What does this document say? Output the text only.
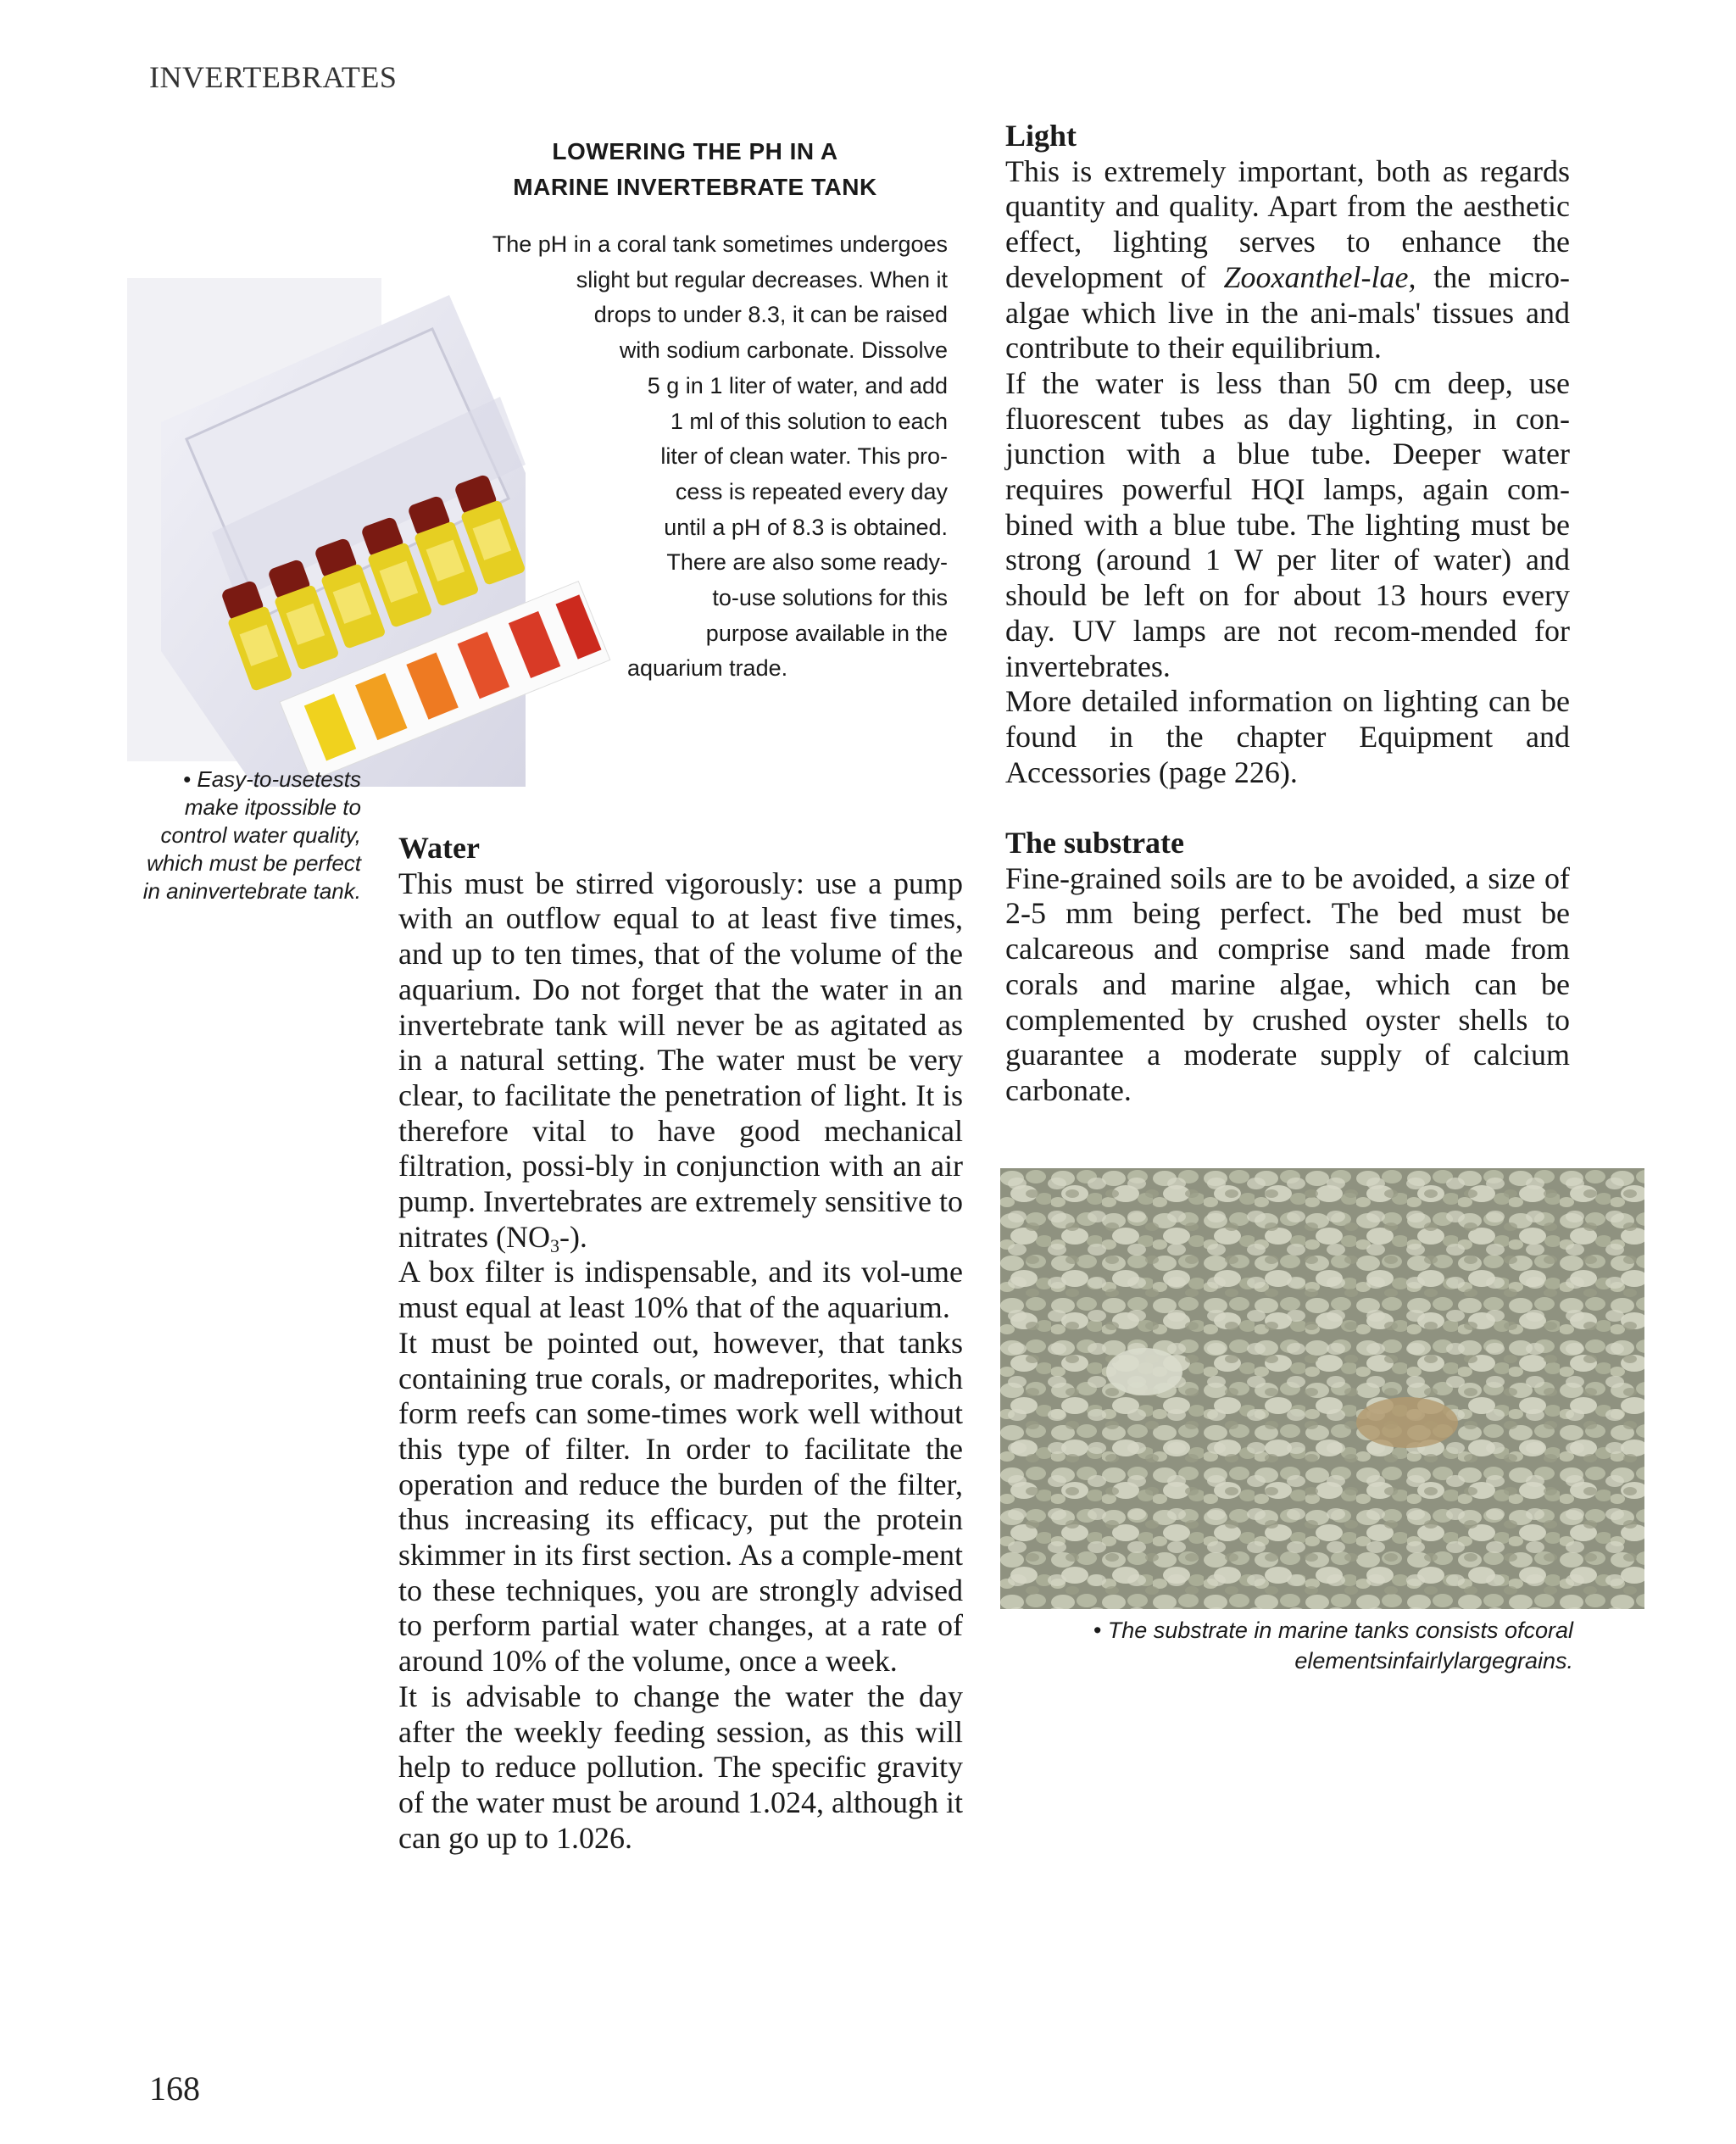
INVERTEBRATES
LOWERING THE PH IN A
MARINE INVERTEBRATE TANK
The pH in a coral tank sometimes undergoes
slight but regular decreases. When it
drops to under 8.3, it can be raised
with sodium carbonate. Dissolve
5 g in 1 liter of water, and add
1 ml of this solution to each
liter of clean water. This pro-
cess is repeated every day
until a pH of 8.3 is obtained.
There are also some ready-
to-use solutions for this
purpose available in the
aquarium trade.
• Easy-to-usetests make itpossible to control water quality, which must be perfect in aninvertebrate tank.

Water

This must be stirred vigorously: use a pump with an outflow equal to at least five times, and up to ten times, that of the volume of the aquarium. Do not forget that the water in an invertebrate tank will never be as agitated as in a natural setting. The water must be very clear, to facilitate the penetration of light. It is therefore vital to have good mechanical filtration, possi-bly in conjunction with an air pump. Invertebrates are extremely sensitive to nitrates $(NO_3-)$.

A box filter is indispensable, and its vol-ume must equal at least 10% that of the aquarium.

It must be pointed out, however, that tanks containing true corals, or madreporites, which form reefs can some-times work well without this type of filter. In order to facilitate the operation and reduce the burden of the filter, thus increasing its efficacy, put the protein skimmer in its first section. As a comple-ment to these techniques, you are strongly advised to perform partial water changes, at a rate of around 10% of the volume, once a week.

It is advisable to change the water the day after the weekly feeding session, as this will help to reduce pollution. The specific gravity of the water must be around 1.024, although it can go up to 1.026.

Light

This is extremely important, both as regards quantity and quality. Apart from the aesthetic effect, lighting serves to enhance the development of Zooxanthel-lae, the micro-algae which live in the ani-mals' tissues and contribute to their equilibrium.

If the water is less than 50 cm deep, use fluorescent tubes as day lighting, in con-junction with a blue tube. Deeper water requires powerful HQI lamps, again com-bined with a blue tube. The lighting must be strong (around 1 W per liter of water) and should be left on for about 13 hours every day. UV lamps are not recom-mended for invertebrates.

More detailed information on lighting can be found in the chapter Equipment and Accessories (page 226).

The substrate

Fine-grained soils are to be avoided, a size of 2-5 mm being perfect. The bed must be calcareous and comprise sand made from corals and marine algae, which can be complemented by crushed oyster shells to guarantee a moderate supply of calcium carbonate.

• The substrate in marine tanks consists ofcoral elementsinfairlylargegrains.
168
